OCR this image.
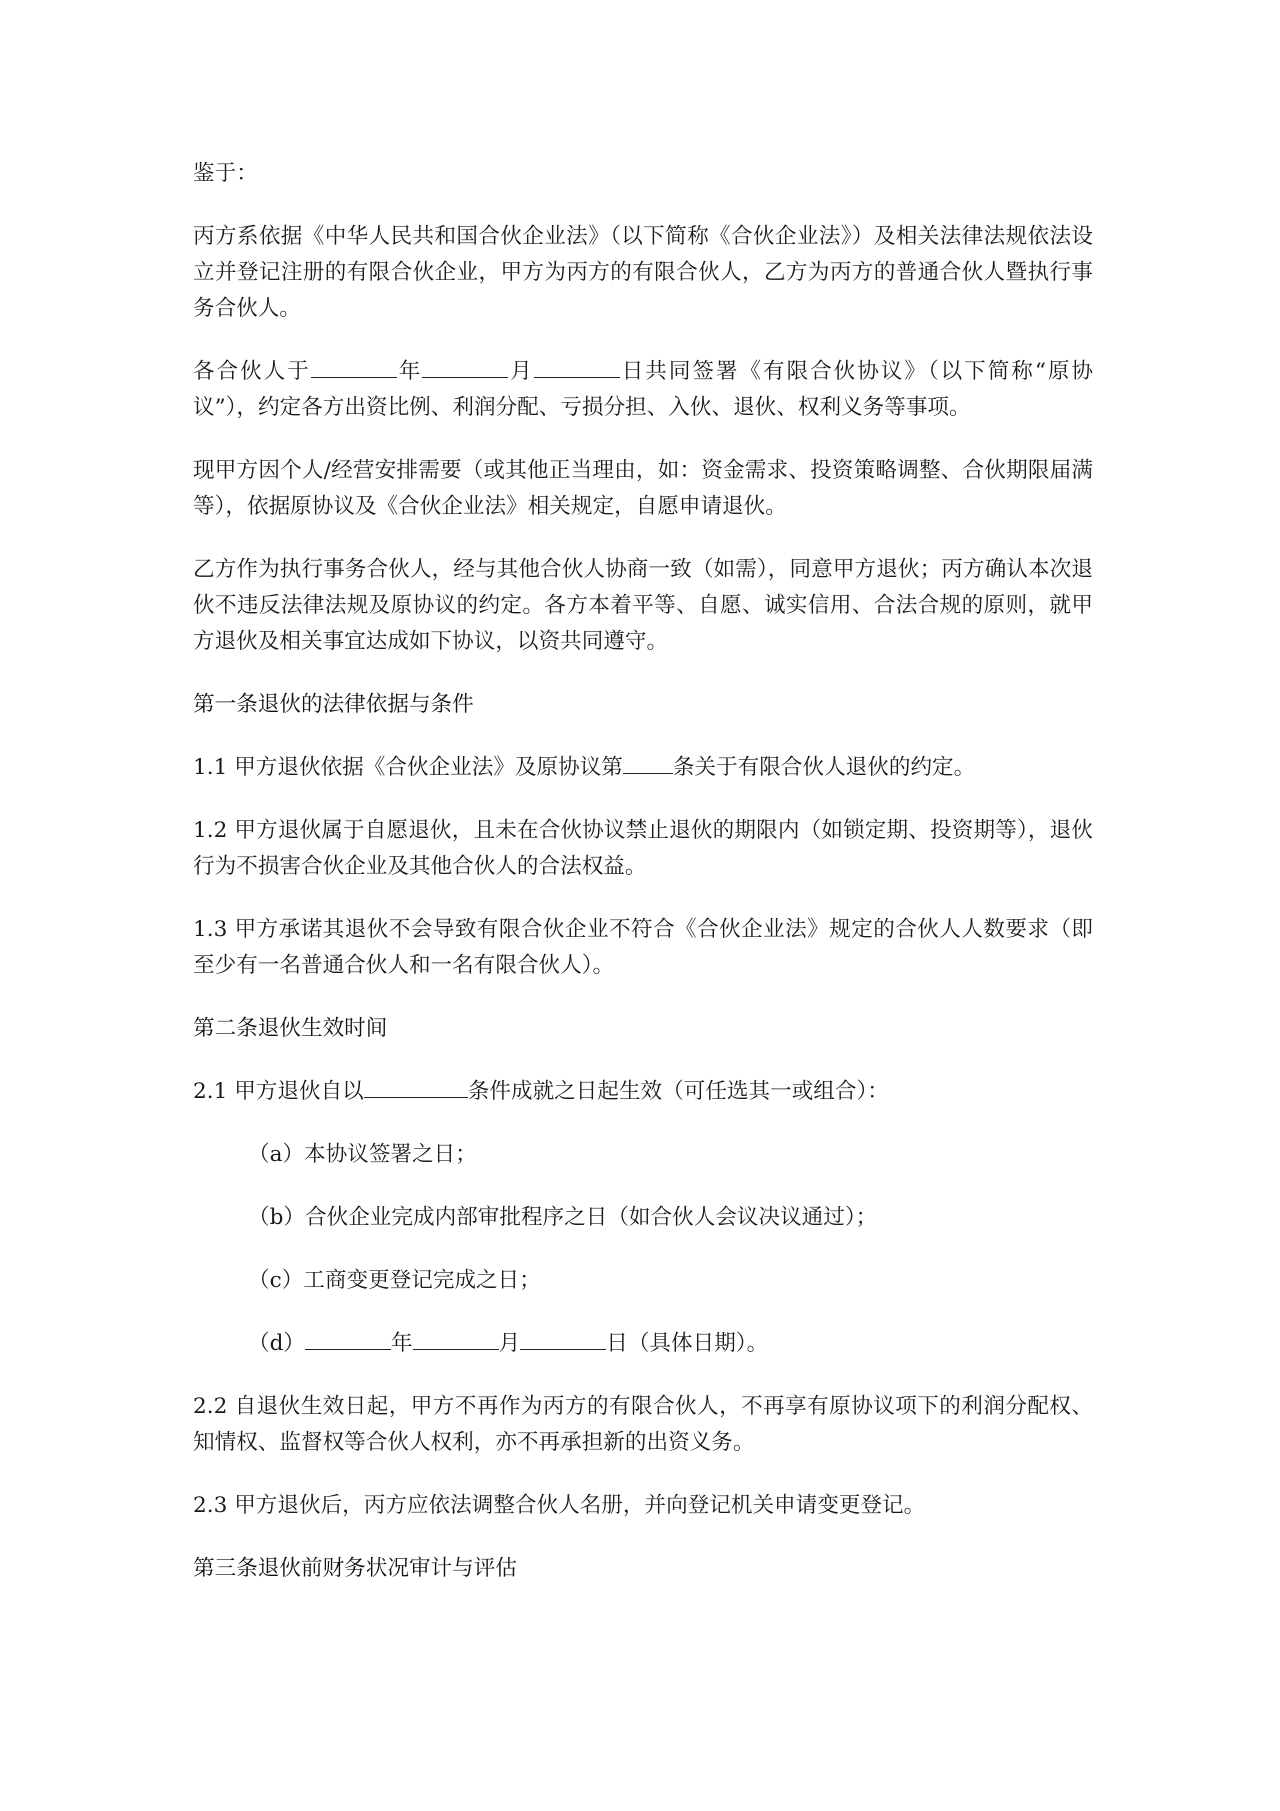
鉴于：

丙方系依据《中华人民共和国合伙企业法》（以下简称《合伙企业法》）及相关法律法规依法设立并登记注册的有限合伙企业，甲方为丙方的有限合伙人，乙方为丙方的普通合伙人暨执行事务合伙人。

各合伙人于	年	月	日共同签署《有限合伙协议》（以下简称“原协议”），约定各方出资比例、利润分配、亏损分担、入伙、退伙、权利义务等事项。

现甲方因个人/经营安排需要（或其他正当理由，如：资金需求、投资策略调整、合伙期限届满等），依据原协议及《合伙企业法》相关规定，自愿申请退伙。

乙方作为执行事务合伙人，经与其他合伙人协商一致（如需），同意甲方退伙；丙方确认本次退伙不违反法律法规及原协议的约定。各方本着平等、自愿、诚实信用、合法合规的原则，就甲方退伙及相关事宜达成如下协议，以资共同遵守。

第一条退伙的法律依据与条件

1.1 甲方退伙依据《合伙企业法》及原协议第 条关于有限合伙人退伙的约定。

1.2 甲方退伙属于自愿退伙，且未在合伙协议禁止退伙的期限内（如锁定期、投资期等），退伙行为不损害合伙企业及其他合伙人的合法权益。

1.3 甲方承诺其退伙不会导致有限合伙企业不符合《合伙企业法》规定的合伙人人数要求（即至少有一名普通合伙人和一名有限合伙人）。

第二条退伙生效时间

2.1 甲方退伙自以	条件成就之日起生效（可任选其一或组合）：

（a）本协议签署之日；

（b）合伙企业完成内部审批程序之日（如合伙人会议决议通过）；

（c）工商变更登记完成之日；

（d）	年	月	日（具体日期）。

2.2 自退伙生效日起，甲方不再作为丙方的有限合伙人，不再享有原协议项下的利润分配权、知情权、监督权等合伙人权利，亦不再承担新的出资义务。

2.3 甲方退伙后，丙方应依法调整合伙人名册，并向登记机关申请变更登记。

第三条退伙前财务状况审计与评估
